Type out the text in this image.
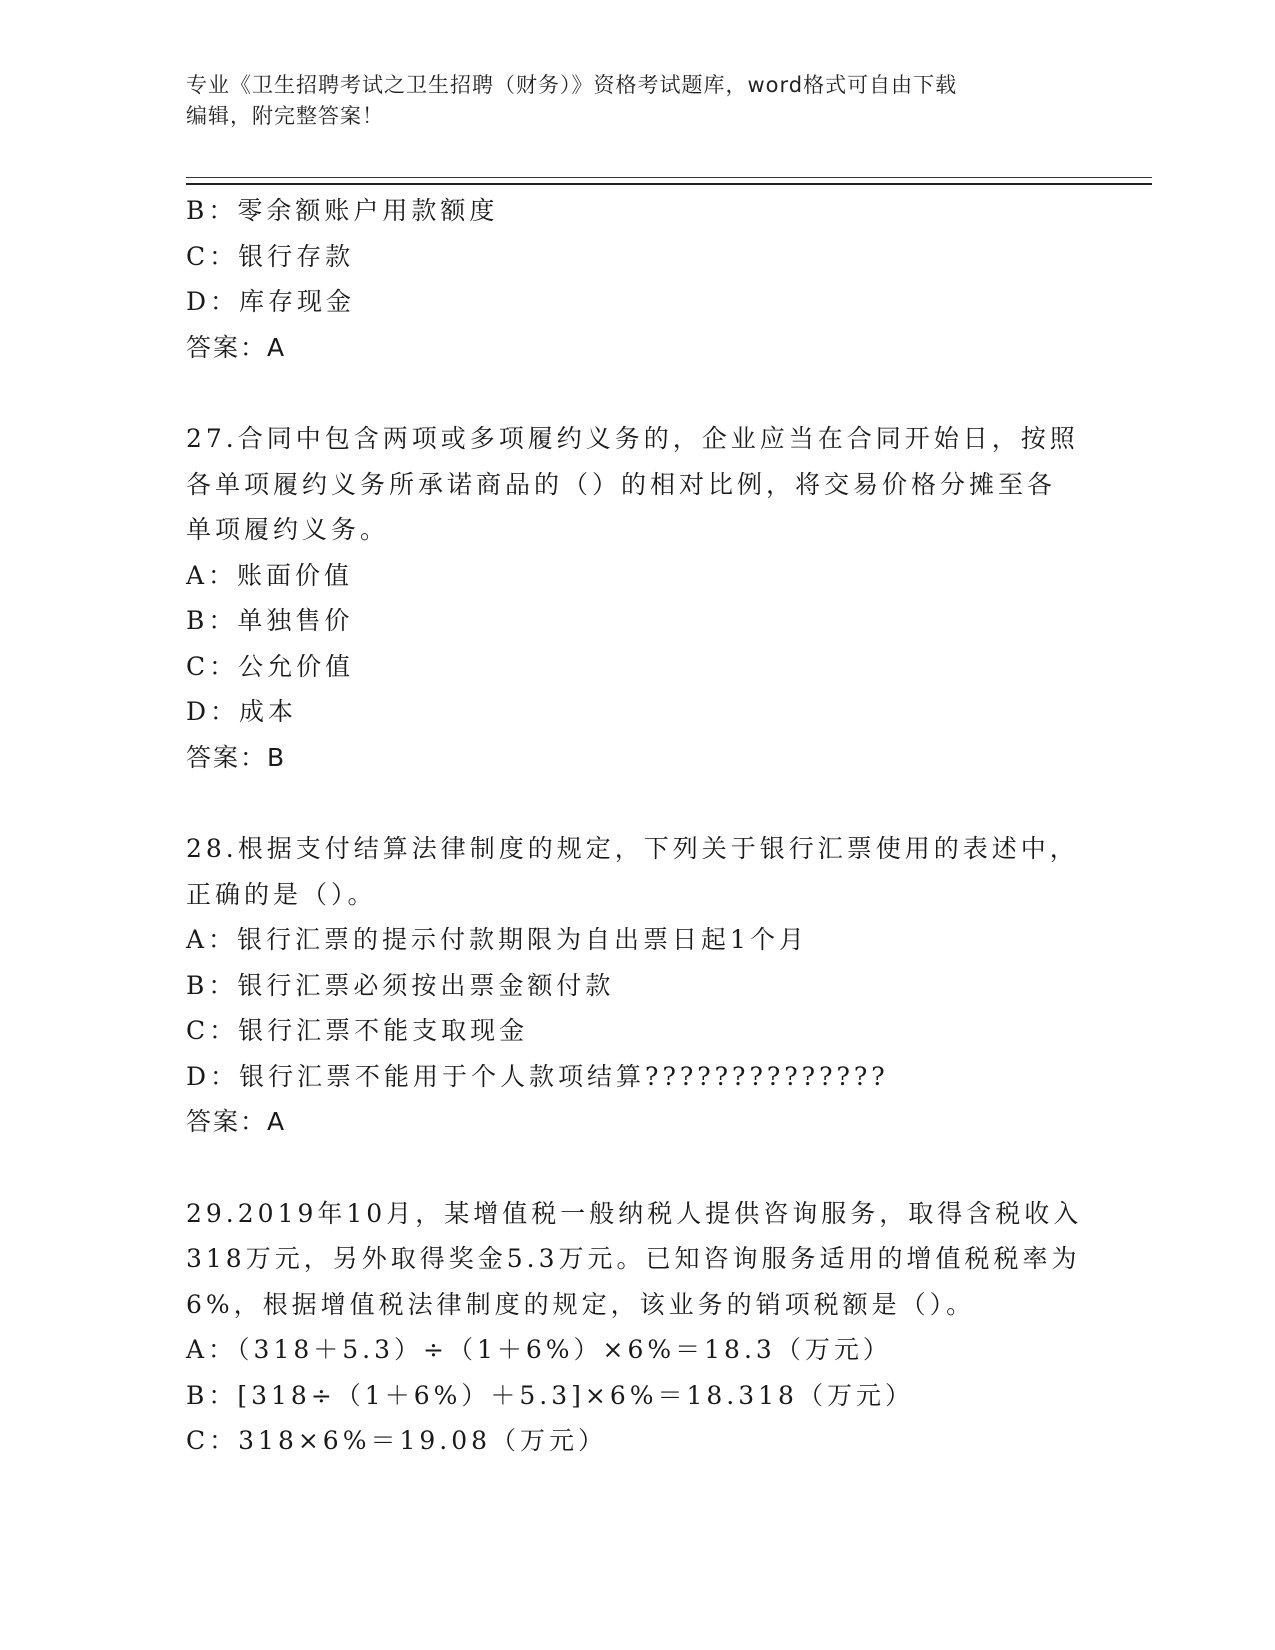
专业《卫生招聘考试之卫生招聘（财务）》资格考试题库，word格式可自由下载
编辑，附完整答案！
B：零余额账户用款额度
C：银行存款
D：库存现金
答案：A
27.合同中包含两项或多项履约义务的，企业应当在合同开始日，按照
各单项履约义务所承诺商品的（）的相对比例，将交易价格分摊至各
单项履约义务。
A：账面价值
B：单独售价
C：公允价值
D：成本
答案：B
28.根据支付结算法律制度的规定，下列关于银行汇票使用的表述中，
正确的是（）。
A：银行汇票的提示付款期限为自出票日起1个月
B：银行汇票必须按出票金额付款
C：银行汇票不能支取现金
D：银行汇票不能用于个人款项结算??????????????
答案：A
29.2019年10月，某增值税一般纳税人提供咨询服务，取得含税收入
318万元，另外取得奖金5.3万元。已知咨询服务适用的增值税税率为
6%，根据增值税法律制度的规定，该业务的销项税额是（）。
A：（318＋5.3）÷（1＋6%）×6%＝18.3（万元）
B：[318÷（1＋6%）＋5.3]×6%＝18.318（万元）
C：318×6%＝19.08（万元）
